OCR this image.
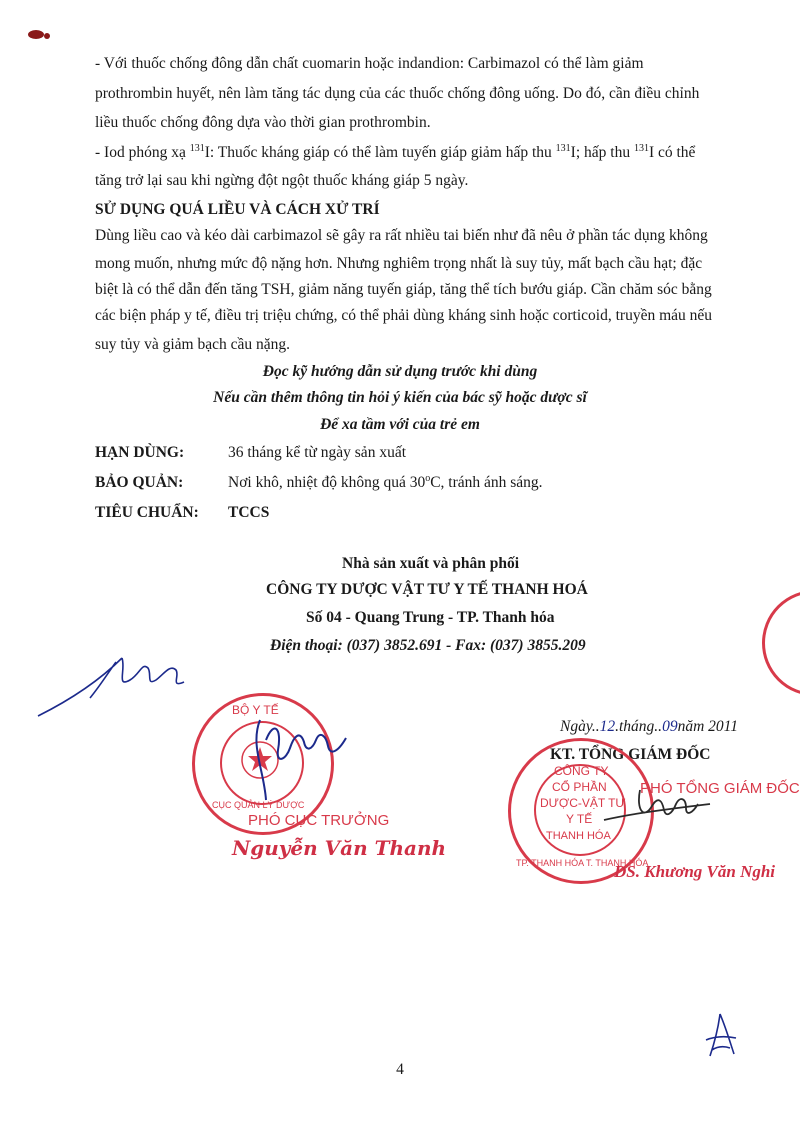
- Với thuốc chống đông dẫn chất cuomarin hoặc indandion: Carbimazol có thể làm giảm
prothrombin huyết, nên làm tăng tác dụng của các thuốc chống đông uống. Do đó, cần điều chỉnh
liều thuốc chống đông dựa vào thời gian prothrombin.
- Iod phóng xạ $^{131}$I: Thuốc kháng giáp có thể làm tuyến giáp giảm hấp thu $^{131}$I; hấp thu $^{131}$I có thể
tăng trở lại sau khi ngừng đột ngột thuốc kháng giáp 5 ngày.
SỬ DỤNG QUÁ LIỀU VÀ CÁCH XỬ TRÍ
Dùng liều cao và kéo dài carbimazol sẽ gây ra rất nhiều tai biến như đã nêu ở phần tác dụng không
mong muốn, nhưng mức độ nặng hơn. Nhưng nghiêm trọng nhất là suy tủy, mất bạch cầu hạt; đặc
biệt là có thể dẫn đến tăng TSH, giảm năng tuyến giáp, tăng thể tích bướu giáp. Cần chăm sóc bằng
các biện pháp y tế, điều trị triệu chứng, có thể phải dùng kháng sinh hoặc corticoid, truyền máu nếu
suy tủy và giảm bạch cầu nặng.
Đọc kỹ hướng dẫn sử dụng trước khi dùng
Nếu cần thêm thông tin hỏi ý kiến của bác sỹ hoặc dược sĩ
Để xa tầm với của trẻ em
HẠN DÙNG:	36 tháng kể từ ngày sản xuất
BẢO QUẢN:	Nơi khô, nhiệt độ không quá 30$^o$C, tránh ánh sáng.
TIÊU CHUẨN: TCCS
Nhà sản xuất và phân phối
CÔNG TY DƯỢC VẬT TƯ Y TẾ THANH HOÁ
Số 04 - Quang Trung - TP. Thanh hóa
Điện thoại: (037) 3852.691 - Fax: (037) 3855.209
BỘ Y TẾ
CỤC QUẢN LÝ DƯỢC
PHÓ CỤC TRƯỞNG
Nguyễn Văn Thanh
Ngày..12.tháng..09năm 2011
KT. TỔNG GIÁM ĐỐC
CÔNG TY
CỔ PHẦN
DƯỢC-VẬT TƯ
Y TẾ
THANH HÓA
TP. THANH HÓA T. THANH HÓA
PHÓ TỔNG GIÁM ĐỐC
DS. Khương Văn Nghi
4
